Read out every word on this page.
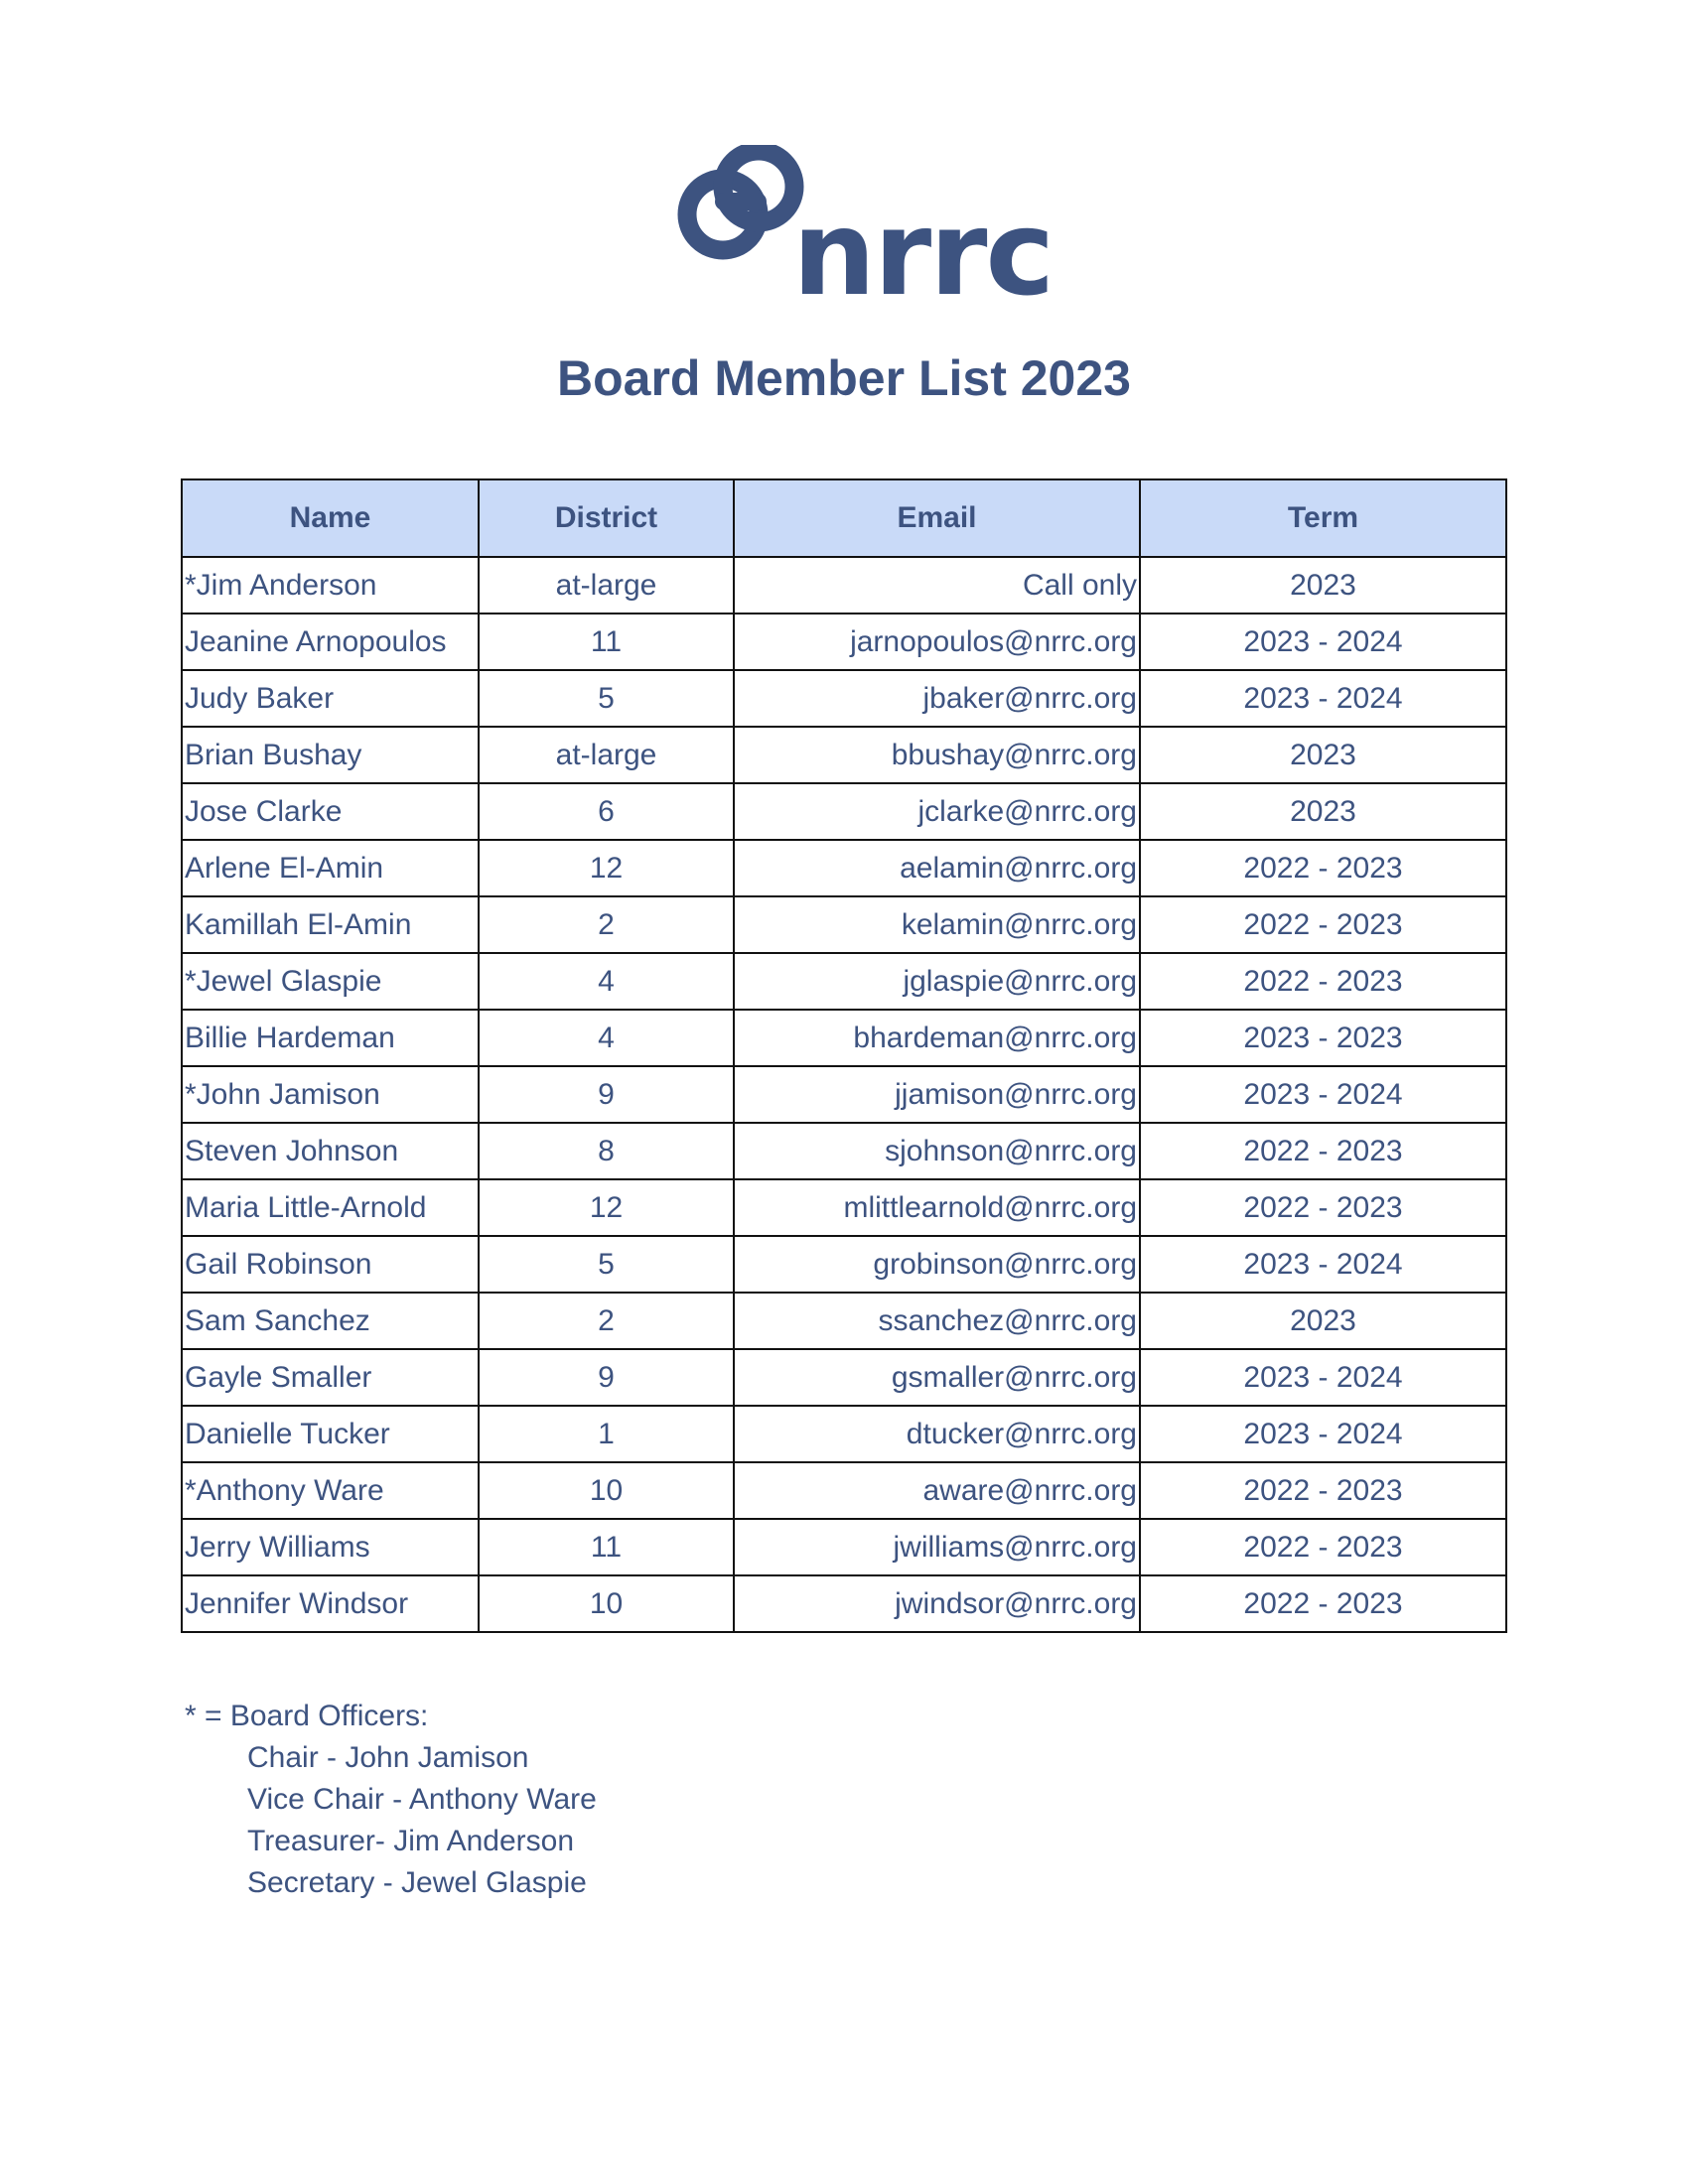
nrrc
Board Member List 2023
Name	District	Email	Term
*Jim Anderson	at-large	Call only	2023
Jeanine Arnopoulos	11	jarnopoulos@nrrc.org	2023 - 2024
Judy Baker	5	jbaker@nrrc.org	2023 - 2024
Brian Bushay	at-large	bbushay@nrrc.org	2023
Jose Clarke	6	jclarke@nrrc.org	2023
Arlene El-Amin	12	aelamin@nrrc.org	2022 - 2023
Kamillah El-Amin	2	kelamin@nrrc.org	2022 - 2023
*Jewel Glaspie	4	jglaspie@nrrc.org	2022 - 2023
Billie Hardeman	4	bhardeman@nrrc.org	2023 - 2023
*John Jamison	9	jjamison@nrrc.org	2023 - 2024
Steven Johnson	8	sjohnson@nrrc.org	2022 - 2023
Maria Little-Arnold	12	mlittlearnold@nrrc.org	2022 - 2023
Gail Robinson	5	grobinson@nrrc.org	2023 - 2024
Sam Sanchez	2	ssanchez@nrrc.org	2023
Gayle Smaller	9	gsmaller@nrrc.org	2023 - 2024
Danielle Tucker	1	dtucker@nrrc.org	2023 - 2024
*Anthony Ware	10	aware@nrrc.org	2022 - 2023
Jerry Williams	11	jwilliams@nrrc.org	2022 - 2023
Jennifer Windsor	10	jwindsor@nrrc.org	2022 - 2023
* = Board Officers:
Chair - John Jamison
Vice Chair - Anthony Ware
Treasurer- Jim Anderson
Secretary - Jewel Glaspie
